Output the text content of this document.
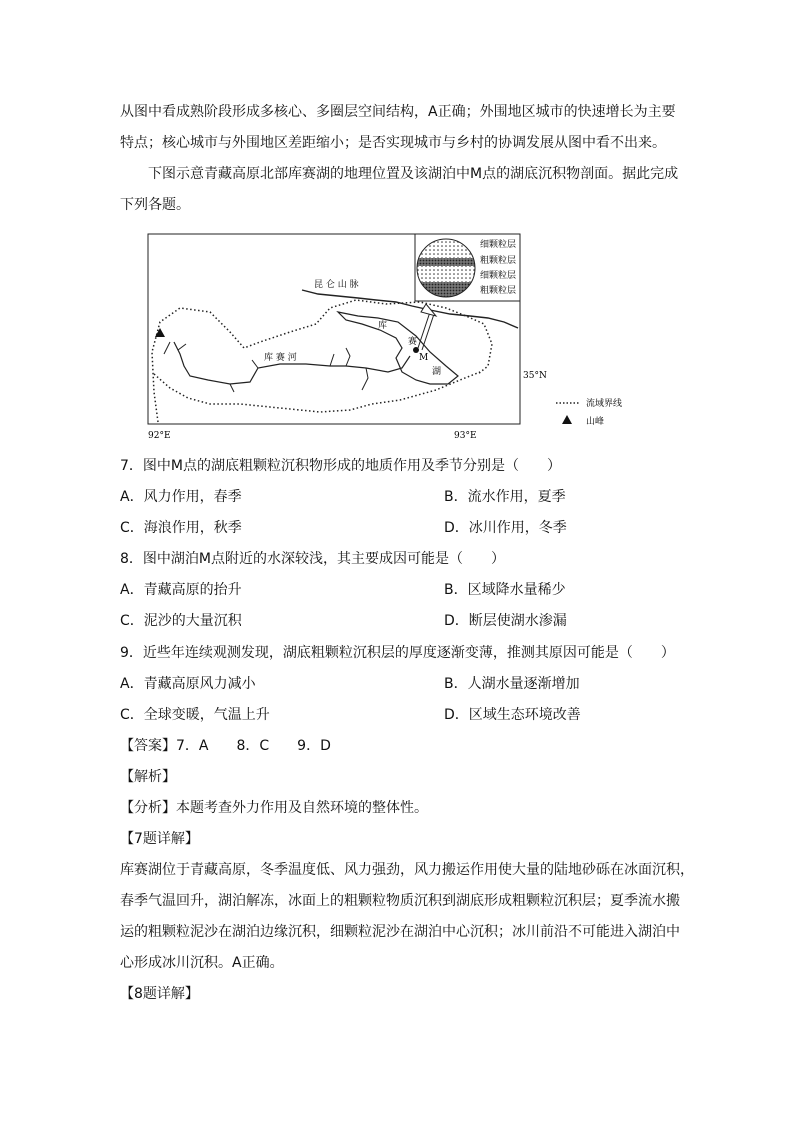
从图中看成熟阶段形成多核心、多圈层空间结构，A正确；外围地区城市的快速增长为主要
特点；核心城市与外围地区差距缩小；是否实现城市与乡村的协调发展从图中看不出来。
下图示意青藏高原北部库赛湖的地理位置及该湖泊中M点的湖底沉积物剖面。据此完成
下列各题。
细颗粒层
粗颗粒层
细颗粒层
粗颗粒层
昆 仑 山 脉
库
赛
湖
库 赛 河	M
35°N
92°E	93°E
流域界线
山峰
7．图中M点的湖底粗颗粒沉积物形成的地质作用及季节分别是（　　）
A．风力作用，春季	B．流水作用，夏季
C．海浪作用，秋季	D．冰川作用，冬季
8．图中湖泊M点附近的水深较浅，其主要成因可能是（　　）
A．青藏高原的抬升	B．区域降水量稀少
C．泥沙的大量沉积	D．断层使湖水渗漏
9．近些年连续观测发现，湖底粗颗粒沉积层的厚度逐渐变薄，推测其原因可能是（　　）
A．青藏高原风力减小	B．人湖水量逐渐增加
C．全球变暖，气温上升	D．区域生态环境改善
【答案】7．A　　8．C　　9．D
【解析】
【分析】本题考查外力作用及自然环境的整体性。
【7题详解】
库赛湖位于青藏高原，冬季温度低、风力强劲，风力搬运作用使大量的陆地砂砾在冰面沉积，
春季气温回升，湖泊解冻，冰面上的粗颗粒物质沉积到湖底形成粗颗粒沉积层；夏季流水搬
运的粗颗粒泥沙在湖泊边缘沉积，细颗粒泥沙在湖泊中心沉积；冰川前沿不可能进入湖泊中
心形成冰川沉积。A正确。
【8题详解】
